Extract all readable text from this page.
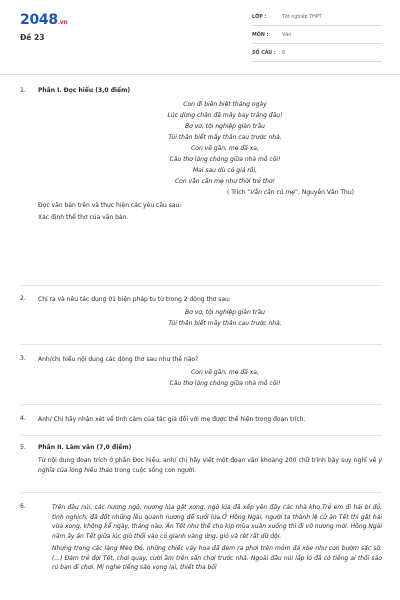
2048.vn
Đề 23
LỚP :	Tốt nghiệp THPT
MÔN :	Văn
SỐ CÂU : 6
1.	Phần I. Đọc hiểu (3,0 điểm)
Con đi biền biệt tháng ngày
Lúc dừng chân đã mây bay trắng đầu!
Bơ vơ, tội nghiệp giàn trầu
Túi thân biết mấy thân cau trước nhà.
Con về gần, mẹ đã xa,
Câu thơ lóng chóng giữa nhà mồ côi!
Mai sau dù có giả rồi,
Con vẫn cần mẹ như thời trẻ thơ!
( Trích “Vẫn cần có mẹ”, Nguyễn Văn Thu)
Đọc văn bản trên và thực hiện các yêu cầu sau:
Xác định thể thơ của văn bản.
2.	Chỉ ra và nêu tác dụng 01 biện pháp tu từ trong 2 dòng thơ sau:
Bơ vơ, tội nghiệp giàn trầu
Túi thân biết mấy thân cau trước nhà.
3.	Anh/chị hiểu nội dung các dòng thơ sau như thế nào?
Con về gần, mẹ đã xa,
Câu thơ lóng chóng giữa nhà mồ côi!
4.	Anh/ Chị hãy nhận xét về tình cảm của tác giả đối với mẹ được thể hiện trong đoạn trích.
5.	Phần II. Làm văn (7,0 điểm)
Từ nội dung đoạn trích ở phần Đọc hiểu, anh/ chị hãy viết một đoạn văn khoảng 200 chữ trình bày suy nghĩ về ý nghĩa của lòng hiếu thảo trong cuộc sống con người.
6.	Trên đầu núi, các nương ngô, nương lúa gặt xong, ngô lúa đã xếp yên đầy các nhà kho.Trẻ em đi hái bí đỏ, tinh nghịch, đã đốt những lều quanh nương để sưởi lửa.Ở Hồng Ngài, người ta thành lệ cứ ăn Tết thì gặt hái vừa xong, không kể ngày, tháng nào. Ăn Tết như thế cho kịp mùa xuân xuống thì đi vỡ nương mới. Hồng Ngài năm ấy ăn Tết giữa lúc gió thổi vào cỏ gianh vàng ửng, gió và rét rất dữ dội.
Nhưng trong các làng Mèo Đỏ, những chiếc váy hoa đã đem ra phơi trên mỏm đá xòe như con bướm sặc sỡ. (...) Đám trẻ đợi Tết, chơi quay, cười ầm trên sân chơi trước nhà. Ngoài đầu núi lấp ló đã có tiếng ai thổi sáo rủ bạn đi chơi. Mị nghe tiếng sáo vọng lại, thiết tha bổi
